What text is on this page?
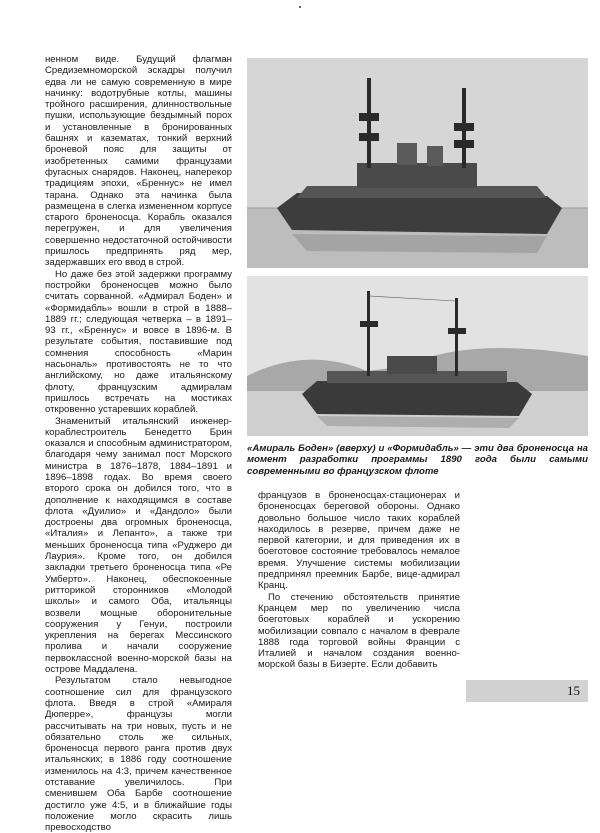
ненном виде. Будущий флагман Средиземноморской эскадры получил едва ли не самую современную в мире начинку: водотрубные котлы, машины тройного расширения, длинноствольные пушки, использующие бездымный порох и установленные в бронированных башнях и казематах, тонкий верхний броневой пояс для защиты от изобретенных самими французами фугасных снарядов. Наконец, наперекор традициям эпохи, «Бреннус» не имел тарана. Однако эта начинка была размещена в слегка измененном корпусе старого броненосца. Корабль оказался перегружен, и для увеличения совершенно недостаточной остойчивости пришлось предпринять ряд мер, задержавших его ввод в строй.

Но даже без этой задержки программу постройки броненосцев можно было считать сорванной. «Адмирал Боден» и «Формидабль» вошли в строй в 1888–1889 гг.; следующая четверка – в 1891–93 гг., «Бреннус» и вовсе в 1896-м. В результате события, поставившие под сомнения способность «Марин насьональ» противостоять не то что английскому, но даже итальянскому флоту, французским адмиралам пришлось встречать на мостиках откровенно устаревших кораблей.

Знаменитый итальянский инженер-кораблестроитель Бенедетто Брин оказался и способным администратором, благодаря чему занимал пост Морского министра в 1876–1878, 1884–1891 и 1896–1898 годах. Во время своего второго срока он добился того, что в дополнение к находящимся в составе флота «Дуилио» и «Дандоло» были достроены два огромных броненосца, «Италия» и Лепанто», а также три меньших броненосца типа «Руджеро ди Лаурия». Кроме того, он добился закладки третьего броненосца типа «Ре Умберто». Наконец, обеспокоенные ритторикой сторонников «Молодой школы» и самого Оба, итальянцы возвели мощные оборонительные сооружения у Генуи, построили укрепления на берегах Мессинского пролива и начали сооружение первоклассной военно-морской базы на острове Маддалена.

Результатом стало невыгодное соотношение сил для французского флота. Введя в строй «Амираля Дюперре», французы могли рассчитывать на три новых, пусть и не обязательно столь же сильных, броненосца первого ранга против двух итальянских; в 1886 году соотношение изменилось на 4:3, причем качественное отставание увеличилось. При сменившем Оба Барбе соотношение достигло уже 4:5, и в ближайшие годы положение могло скрасить лишь превосходство

«Амираль Боден» (вверху) и «Формидабль» — эти два броненосца на момент разработки программы 1890 года были самыми современными во французском флоте

французов в броненосцах-стационерах и броненосцах береговой обороны. Однако довольно большое число таких кораблей находилось в резерве, причем даже не первой категории, и для приведения их в боеготовое состояние требовалось немалое время. Улучшение системы мобилизации предпринял преемник Барбе, вице-адмирал Кранц.

По стечению обстоятельств принятие Кранцем мер по увеличению числа боеготовых кораблей и ускорению мобилизации совпало с началом в феврале 1888 года торговой войны Франции с Италией и началом создания военно-морской базы в Бизерте. Если добавить

15
